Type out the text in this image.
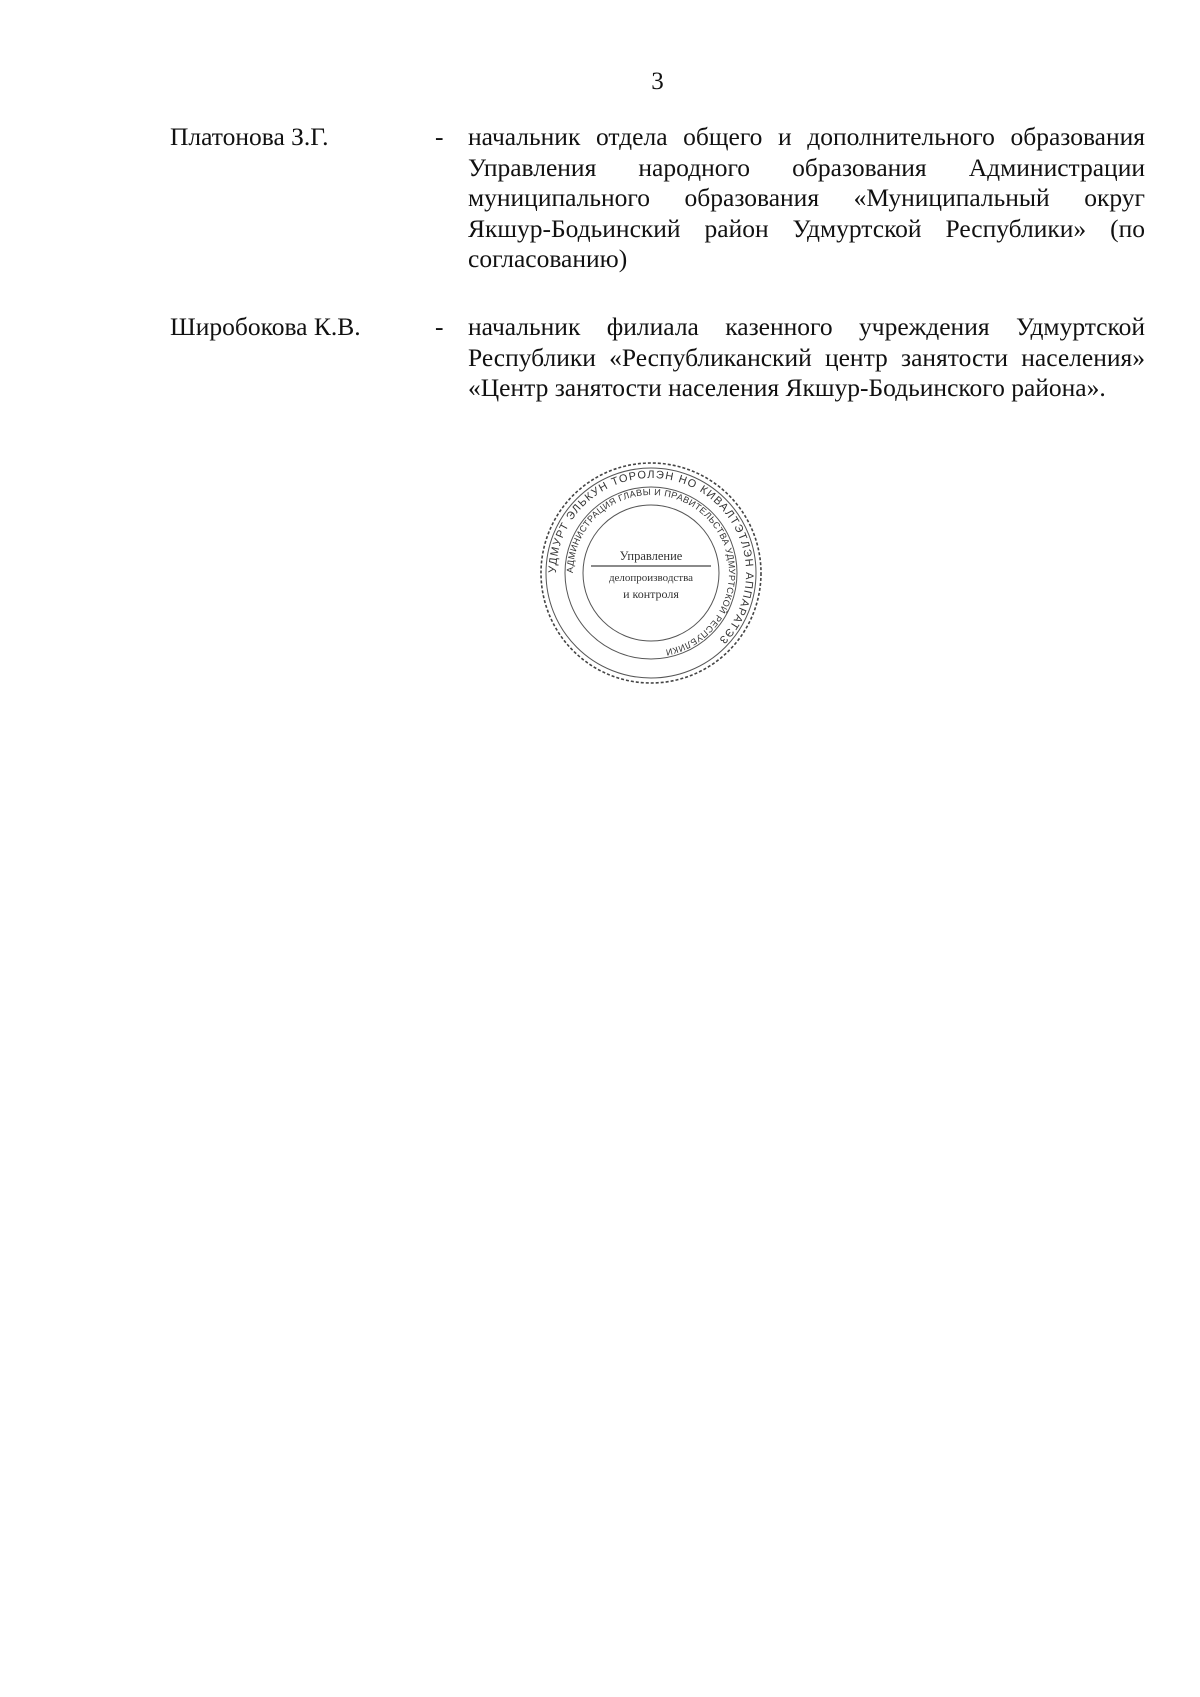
3
Платонова З.Г.	- начальник отдела общего и дополнительного образования Управления народного образования Администрации муниципального образования «Муниципальный округ Якшур-Бодьинский район Удмуртской Республики» (по согласованию)
Широбокова К.В.	- начальник филиала казенного учреждения Удмуртской Республики «Республиканский центр занятости населения» «Центр занятости населения Якшур-Бодьинского района».
УДМУРТ ЭЛЬКУН ТОРОЛЭН НО КИВАЛТЭТЛЭН АППАРАТЭЗ
АДМИНИСТРАЦИЯ ГЛАВЫ И ПРАВИТЕЛЬСТВА УДМУРТСКОЙ РЕСПУБЛИКИ
Управление
делопроизводства
и контроля
